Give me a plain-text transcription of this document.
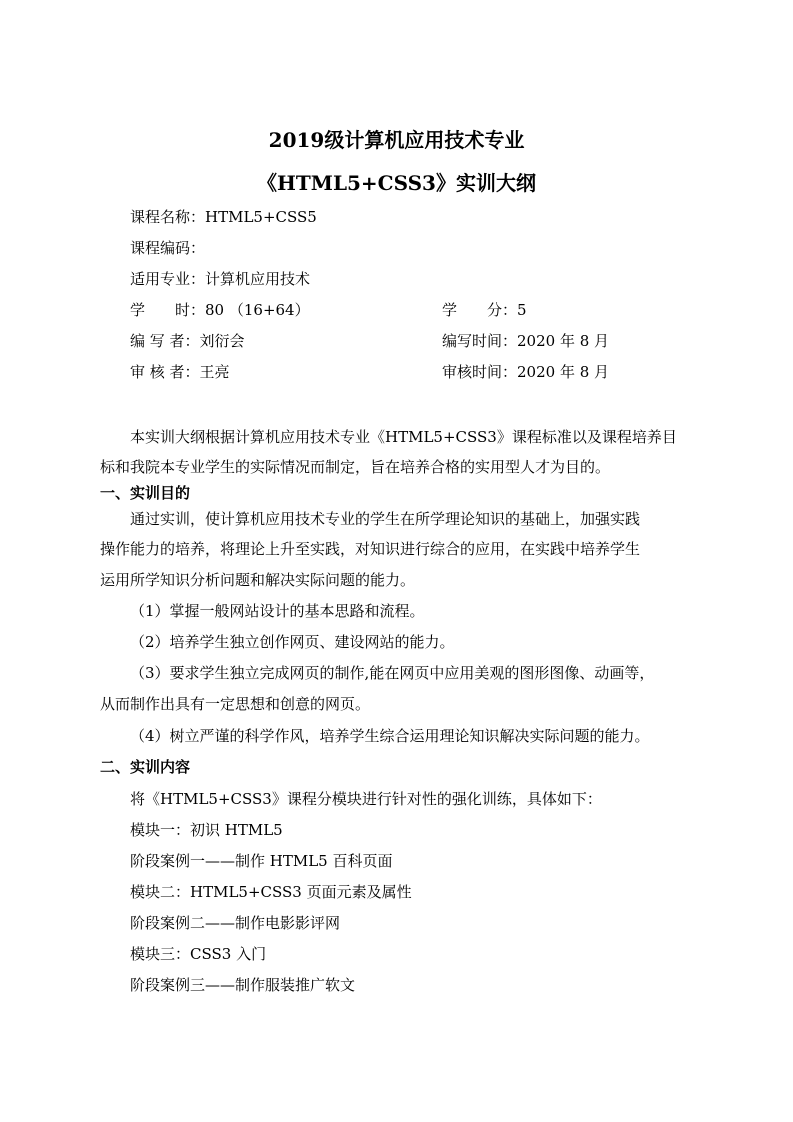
2019级计算机应用技术专业
《HTML5+CSS3》实训大纲
课程名称：HTML5+CSS5
课程编码：
适用专业：计算机应用技术
学　　时：80 （16+64）	学　　分：5
编 写 者：刘衍会	编写时间：2020 年 8 月
审 核 者：王亮	审核时间：2020 年 8 月
本实训大纲根据计算机应用技术专业《HTML5+CSS3》课程标准以及课程培养目
标和我院本专业学生的实际情况而制定，旨在培养合格的实用型人才为目的。
一、实训目的
通过实训，使计算机应用技术专业的学生在所学理论知识的基础上，加强实践
操作能力的培养，将理论上升至实践，对知识进行综合的应用，在实践中培养学生
运用所学知识分析问题和解决实际问题的能力。
（1）掌握一般网站设计的基本思路和流程。
（2）培养学生独立创作网页、建设网站的能力。
（3）要求学生独立完成网页的制作,能在网页中应用美观的图形图像、动画等，
从而制作出具有一定思想和创意的网页。
（4）树立严谨的科学作风，培养学生综合运用理论知识解决实际问题的能力。
二、实训内容
将《HTML5+CSS3》课程分模块进行针对性的强化训练，具体如下：
模块一：初识 HTML5
阶段案例一——制作 HTML5 百科页面
模块二：HTML5+CSS3 页面元素及属性
阶段案例二——制作电影影评网
模块三：CSS3 入门
阶段案例三——制作服装推广软文
